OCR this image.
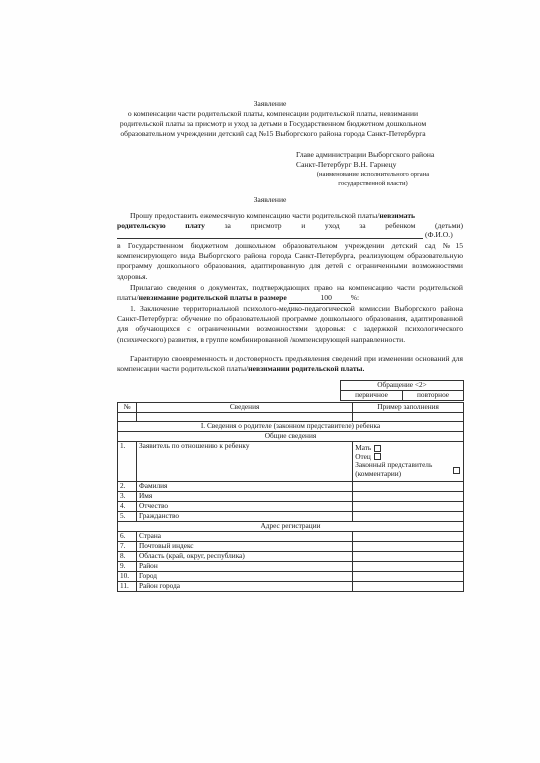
Заявление
о компенсации части родительской платы, компенсации родительской платы, невзимании
родительской платы за присмотр и уход за детьми в Государственном бюджетном дошкольном
образовательном учреждении детский сад №15 Выборгского района города Санкт-Петербурга
Главе администрации Выборгского района
Санкт-Петербург В.Н. Гарнецу
(наименование исполнительного органа
государственной власти)
Заявление
Прошу предоставить ежемесячную компенсацию части родительской платы/невзимать
родительскую	плату	за	присмотр	и	уход	за	ребенком	(детьми)
(Ф.И.О.)
в Государственном бюджетном дошкольном образовательном учреждении детский сад №15 компенсирующего вида Выборгского района города Санкт-Петербурга, реализующем образовательную программу дошкольного образования, адаптированную для детей с ограниченными возможностями здоровья.
Прилагаю сведения о документах, подтверждающих право на компенсацию части родительской платы/невзимание родительской платы в размере	100 %:
1. Заключение территориальной психолого-медико-педагогической комиссии Выборгского района Санкт-Петербурга: обучение по образовательной программе дошкольного образования, адаптированной для обучающихся с ограниченными возможностями здоровья: с задержкой психологического (психического) развития, в группе комбинированной /компенсирующей направленности.
Гарантирую своевременность и достоверность предъявления сведений при изменении оснований для компенсации части родительской платы/невзимании родительской платы.
Обращение <2>
первичное	повторное
№	Сведения	Пример заполнения

I. Сведения о родителе (законном представителе) ребенка		
Общие сведения		
1.	Заявитель по отношению к ребенку	Мать
Отец
Законный представитель (комментарии)

2.	Фамилия	
3.	Имя	
4.	Отчество	
5.	Гражданство	
Адрес регистрации		
6.	Страна	
7.	Почтовый индекс	
8.	Область (край, округ, республика)	
9.	Район	
10.	Город	
11.	Район города	
